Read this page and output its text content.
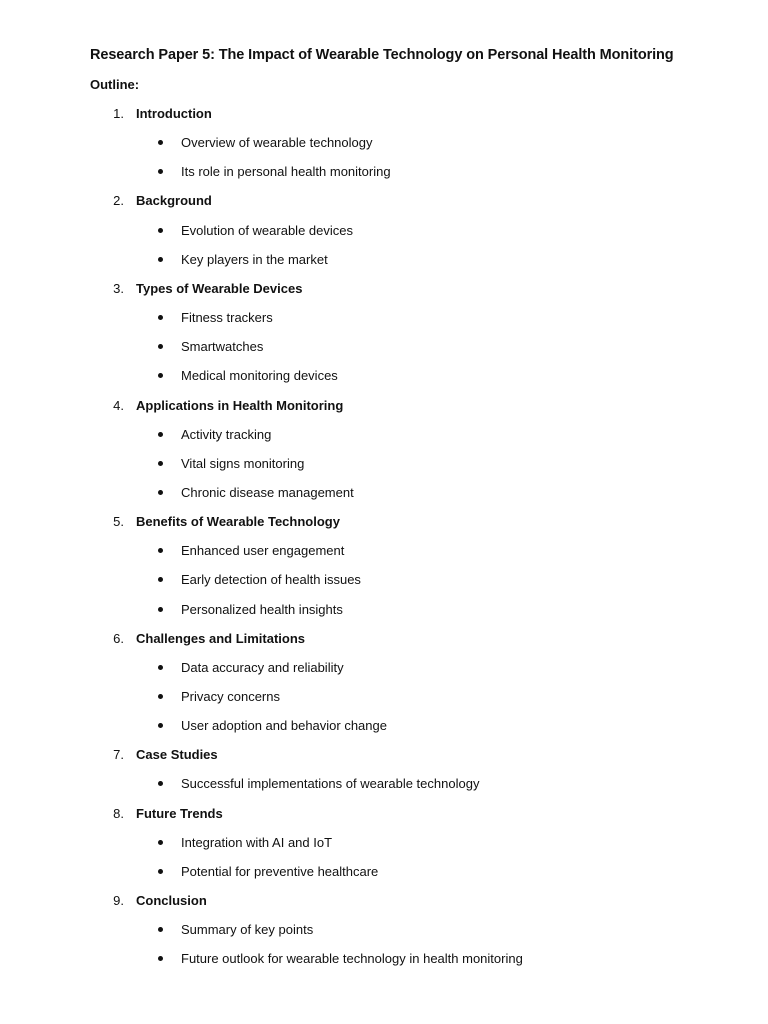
Research Paper 5: The Impact of Wearable Technology on Personal Health Monitoring
Outline:
1. Introduction
Overview of wearable technology
Its role in personal health monitoring
2. Background
Evolution of wearable devices
Key players in the market
3. Types of Wearable Devices
Fitness trackers
Smartwatches
Medical monitoring devices
4. Applications in Health Monitoring
Activity tracking
Vital signs monitoring
Chronic disease management
5. Benefits of Wearable Technology
Enhanced user engagement
Early detection of health issues
Personalized health insights
6. Challenges and Limitations
Data accuracy and reliability
Privacy concerns
User adoption and behavior change
7. Case Studies
Successful implementations of wearable technology
8. Future Trends
Integration with AI and IoT
Potential for preventive healthcare
9. Conclusion
Summary of key points
Future outlook for wearable technology in health monitoring
